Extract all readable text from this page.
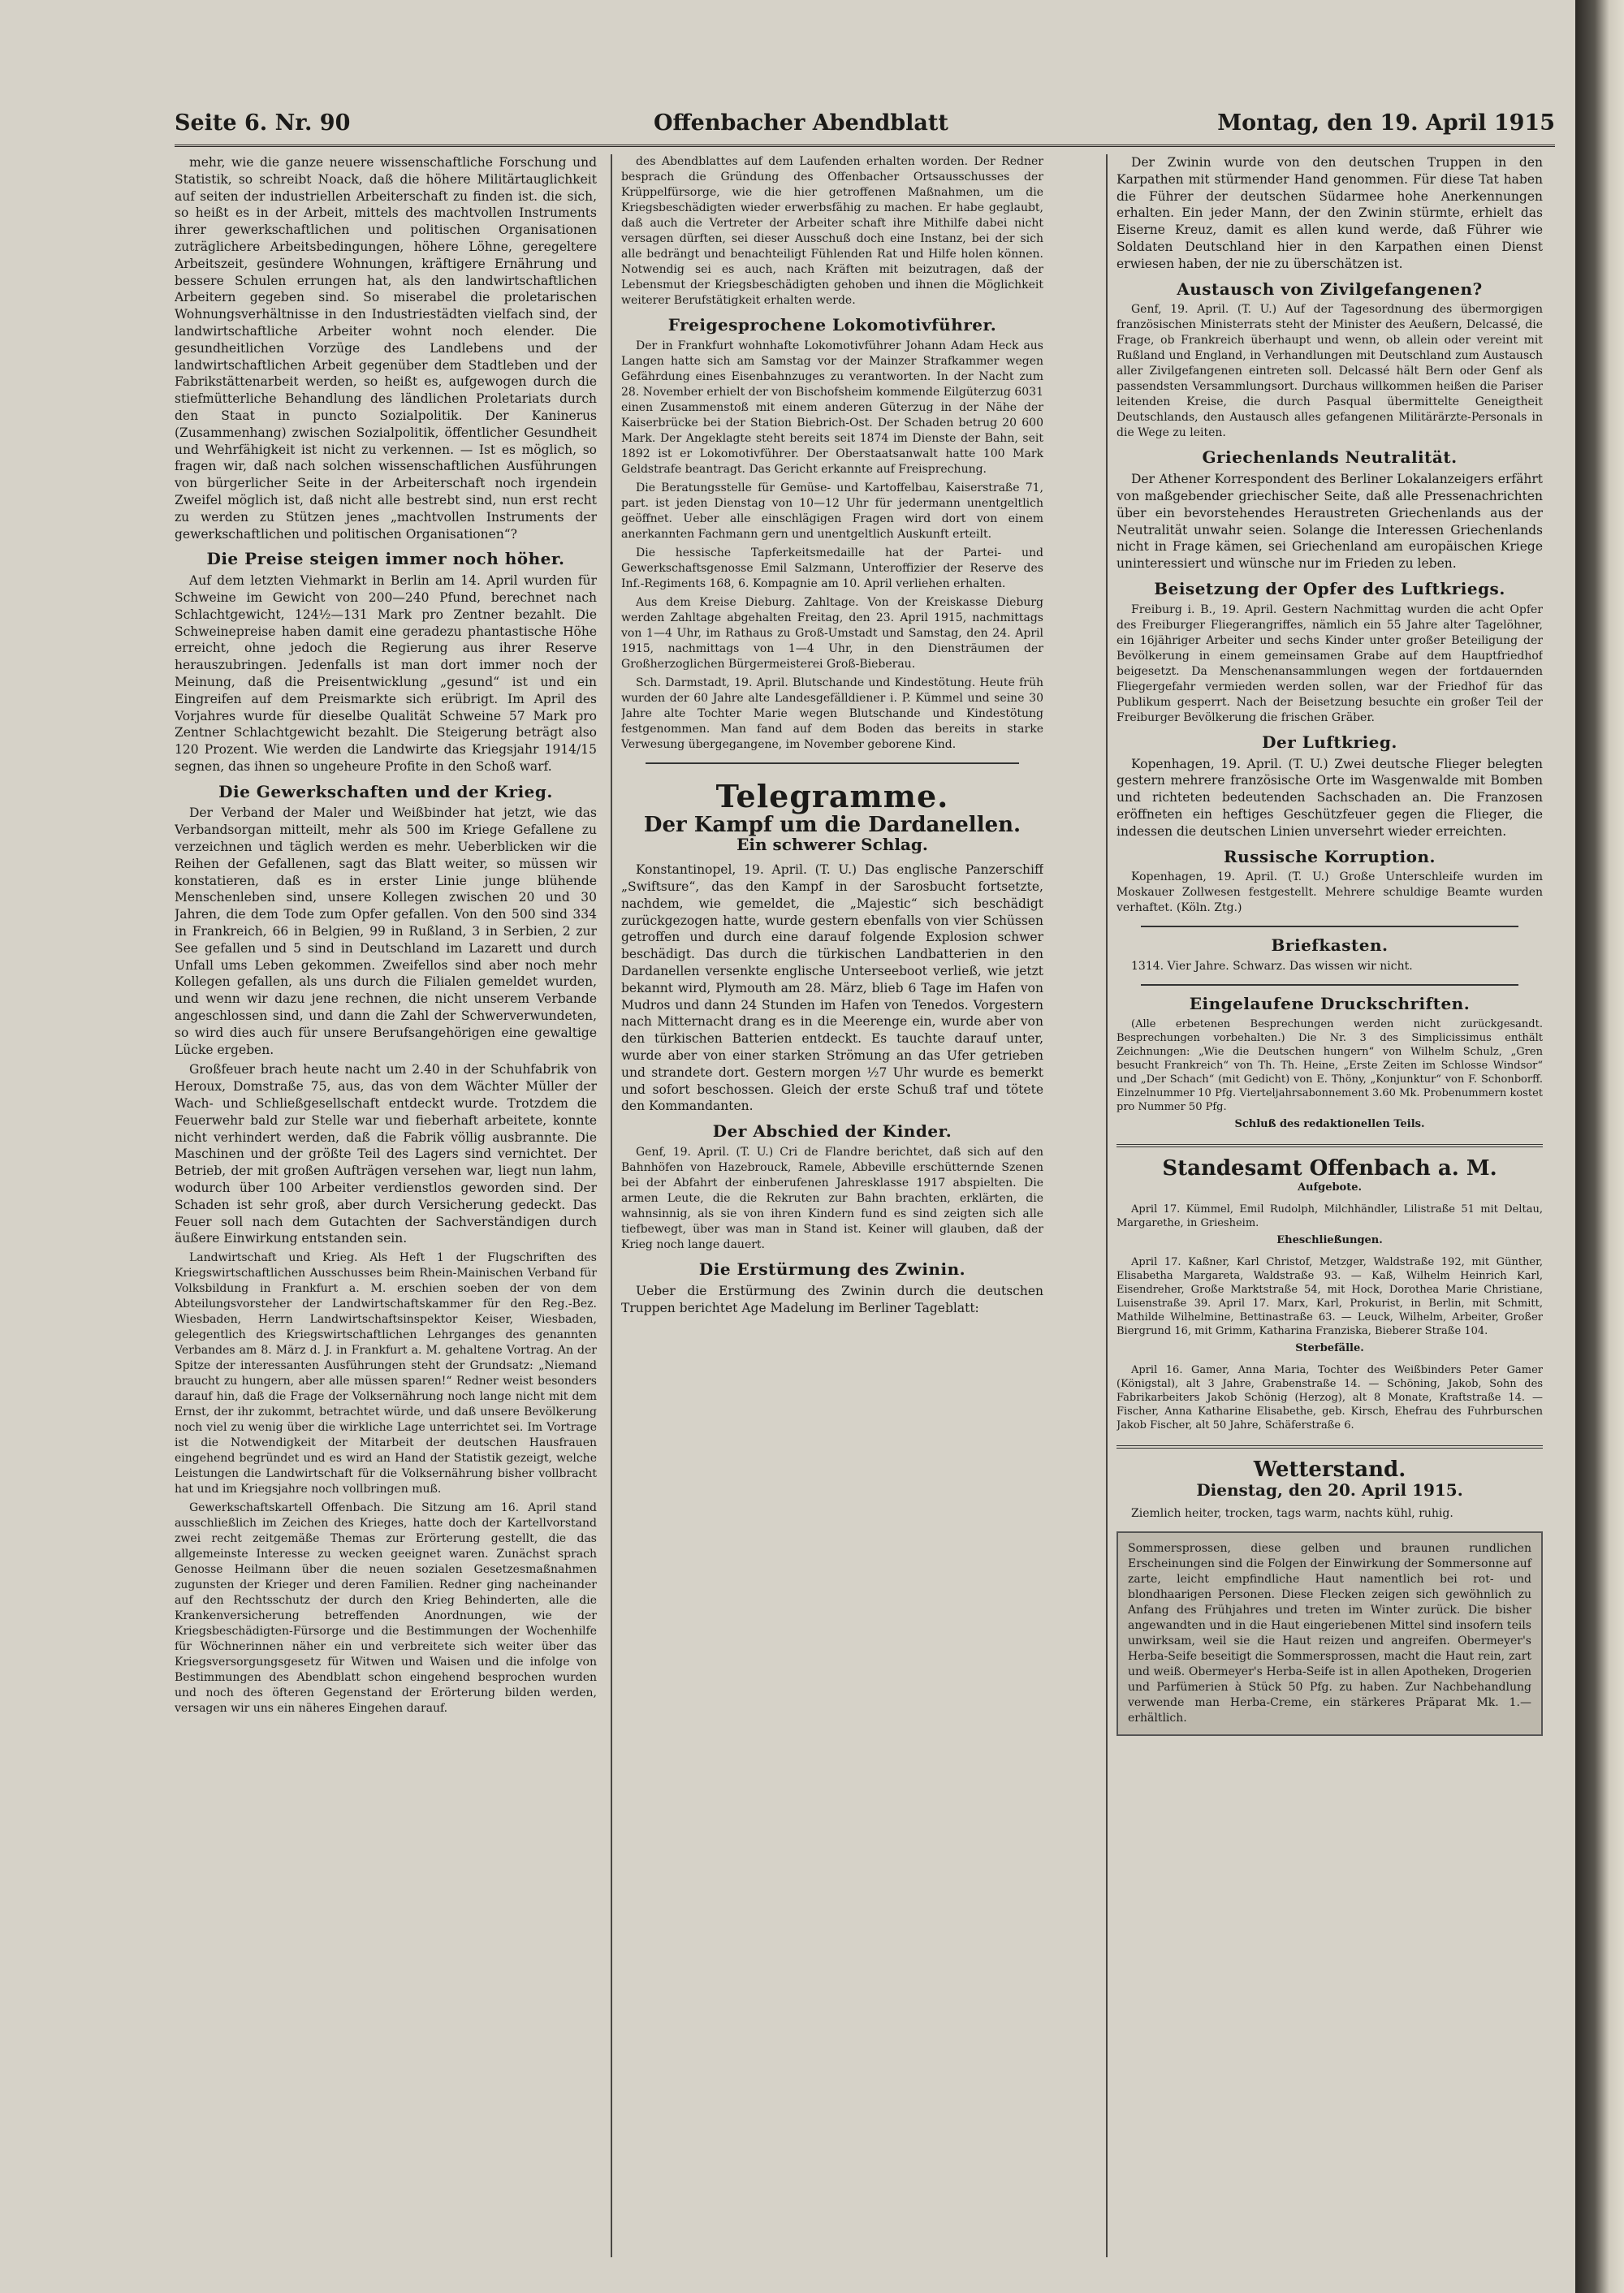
Seite 6. Nr. 90	Offenbacher Abendblatt	Montag, den 19. April 1915

mehr, wie die ganze neuere wissenschaftliche Forschung und Statistik, so schreibt Noack, daß die höhere Militärtauglichkeit auf seiten der industriellen Arbeiterschaft zu finden ist. die sich, so heißt es in der Arbeit, mittels des machtvollen Instruments ihrer gewerkschaftlichen und politischen Organisationen zuträglichere Arbeitsbedingungen, höhere Löhne, geregeltere Arbeitszeit, gesündere Wohnungen, kräftigere Ernährung und bessere Schulen errungen hat, als den landwirtschaftlichen Arbeitern gegeben sind. So miserabel die proletarischen Wohnungsverhältnisse in den Industriestädten vielfach sind, der landwirtschaftliche Arbeiter wohnt noch elender. Die gesundheitlichen Vorzüge des Landlebens und der landwirtschaftlichen Arbeit gegenüber dem Stadtleben und der Fabrikstättenarbeit werden, so heißt es, aufgewogen durch die stiefmütterliche Behandlung des ländlichen Proletariats durch den Staat in puncto Sozialpolitik. Der Kaninerus (Zusammenhang) zwischen Sozialpolitik, öffentlicher Gesundheit und Wehrfähigkeit ist nicht zu verkennen. — Ist es möglich, so fragen wir, daß nach solchen wissenschaftlichen Ausführungen von bürgerlicher Seite in der Arbeiterschaft noch irgendein Zweifel möglich ist, daß nicht alle bestrebt sind, nun erst recht zu werden zu Stützen jenes „machtvollen Instruments der gewerkschaftlichen und politischen Organisationen“?

Die Preise steigen immer noch höher.

Auf dem letzten Viehmarkt in Berlin am 14. April wurden für Schweine im Gewicht von 200—240 Pfund, berechnet nach Schlachtgewicht, 124½—131 Mark pro Zentner bezahlt. Die Schweinepreise haben damit eine geradezu phantastische Höhe erreicht, ohne jedoch die Regierung aus ihrer Reserve herauszubringen. Jedenfalls ist man dort immer noch der Meinung, daß die Preisentwicklung „gesund“ ist und ein Eingreifen auf dem Preismarkte sich erübrigt. Im April des Vorjahres wurde für dieselbe Qualität Schweine 57 Mark pro Zentner Schlachtgewicht bezahlt. Die Steigerung beträgt also 120 Prozent. Wie werden die Landwirte das Kriegsjahr 1914/15 segnen, das ihnen so ungeheure Profite in den Schoß warf.

Die Gewerkschaften und der Krieg.

Der Verband der Maler und Weißbinder hat jetzt, wie das Verbandsorgan mitteilt, mehr als 500 im Kriege Gefallene zu verzeichnen und täglich werden es mehr. Ueberblicken wir die Reihen der Gefallenen, sagt das Blatt weiter, so müssen wir konstatieren, daß es in erster Linie junge blühende Menschenleben sind, unsere Kollegen zwischen 20 und 30 Jahren, die dem Tode zum Opfer gefallen. Von den 500 sind 334 in Frankreich, 66 in Belgien, 99 in Rußland, 3 in Serbien, 2 zur See gefallen und 5 sind in Deutschland im Lazarett und durch Unfall ums Leben gekommen. Zweifellos sind aber noch mehr Kollegen gefallen, als uns durch die Filialen gemeldet wurden, und wenn wir dazu jene rechnen, die nicht unserem Verbande angeschlossen sind, und dann die Zahl der Schwerverwundeten, so wird dies auch für unsere Berufsangehörigen eine gewaltige Lücke ergeben.

Großfeuer brach heute nacht um 2.40 in der Schuhfabrik von Heroux, Domstraße 75, aus, das von dem Wächter Müller der Wach- und Schließgesellschaft entdeckt wurde. Trotzdem die Feuerwehr bald zur Stelle war und fieberhaft arbeitete, konnte nicht verhindert werden, daß die Fabrik völlig ausbrannte. Die Maschinen und der größte Teil des Lagers sind vernichtet. Der Betrieb, der mit großen Aufträgen versehen war, liegt nun lahm, wodurch über 100 Arbeiter verdienstlos geworden sind. Der Schaden ist sehr groß, aber durch Versicherung gedeckt. Das Feuer soll nach dem Gutachten der Sachverständigen durch äußere Einwirkung entstanden sein.

Landwirtschaft und Krieg. Als Heft 1 der Flugschriften des Kriegswirtschaftlichen Ausschusses beim Rhein-Mainischen Verband für Volksbildung in Frankfurt a. M. erschien soeben der von dem Abteilungsvorsteher der Landwirtschaftskammer für den Reg.-Bez. Wiesbaden, Herrn Landwirtschaftsinspektor Keiser, Wiesbaden, gelegentlich des Kriegswirtschaftlichen Lehrganges des genannten Verbandes am 8. März d. J. in Frankfurt a. M. gehaltene Vortrag. An der Spitze der interessanten Ausführungen steht der Grundsatz: „Niemand braucht zu hungern, aber alle müssen sparen!“ Redner weist besonders darauf hin, daß die Frage der Volksernährung noch lange nicht mit dem Ernst, der ihr zukommt, betrachtet würde, und daß unsere Bevölkerung noch viel zu wenig über die wirkliche Lage unterrichtet sei. Im Vortrage ist die Notwendigkeit der Mitarbeit der deutschen Hausfrauen eingehend begründet und es wird an Hand der Statistik gezeigt, welche Leistungen die Landwirtschaft für die Volksernährung bisher vollbracht hat und im Kriegsjahre noch vollbringen muß.

Gewerkschaftskartell Offenbach. Die Sitzung am 16. April stand ausschließlich im Zeichen des Krieges, hatte doch der Kartellvorstand zwei recht zeitgemäße Themas zur Erörterung gestellt, die das allgemeinste Interesse zu wecken geeignet waren. Zunächst sprach Genosse Heilmann über die neuen sozialen Gesetzesmaßnahmen zugunsten der Krieger und deren Familien. Redner ging nacheinander auf den Rechtsschutz der durch den Krieg Behinderten, alle die Krankenversicherung betreffenden Anordnungen, wie der Kriegsbeschädigten-Fürsorge und die Bestimmungen der Wochenhilfe für Wöchnerinnen näher ein und verbreitete sich weiter über das Kriegsversorgungsgesetz für Witwen und Waisen und die infolge von Bestimmungen des Abendblatt schon eingehend besprochen wurden und noch des öfteren Gegenstand der Erörterung bilden werden, versagen wir uns ein näheres Eingehen darauf.

des Abendblattes auf dem Laufenden erhalten worden. Der Redner besprach die Gründung des Offenbacher Ortsausschusses der Krüppelfürsorge, wie die hier getroffenen Maßnahmen, um die Kriegsbeschädigten wieder erwerbsfähig zu machen. Er habe geglaubt, daß auch die Vertreter der Arbeiter schaft ihre Mithilfe dabei nicht versagen dürften, sei dieser Ausschuß doch eine Instanz, bei der sich alle bedrängt und benachteiligt Fühlenden Rat und Hilfe holen können. Notwendig sei es auch, nach Kräften mit beizutragen, daß der Lebensmut der Kriegsbeschädigten gehoben und ihnen die Möglichkeit weiterer Berufstätigkeit erhalten werde.

Freigesprochene Lokomotivführer.

Der in Frankfurt wohnhafte Lokomotivführer Johann Adam Heck aus Langen hatte sich am Samstag vor der Mainzer Strafkammer wegen Gefährdung eines Eisenbahnzuges zu verantworten. In der Nacht zum 28. November erhielt der von Bischofsheim kommende Eilgüterzug 6031 einen Zusammenstoß mit einem anderen Güterzug in der Nähe der Kaiserbrücke bei der Station Biebrich-Ost. Der Schaden betrug 20 600 Mark. Der Angeklagte steht bereits seit 1874 im Dienste der Bahn, seit 1892 ist er Lokomotivführer. Der Oberstaatsanwalt hatte 100 Mark Geldstrafe beantragt. Das Gericht erkannte auf Freisprechung.

Die Beratungsstelle für Gemüse- und Kartoffelbau, Kaiserstraße 71, part. ist jeden Dienstag von 10—12 Uhr für jedermann unentgeltlich geöffnet. Ueber alle einschlägigen Fragen wird dort von einem anerkannten Fachmann gern und unentgeltlich Auskunft erteilt.

Die hessische Tapferkeitsmedaille hat der Partei- und Gewerkschaftsgenosse Emil Salzmann, Unteroffizier der Reserve des Inf.-Regiments 168, 6. Kompagnie am 10. April verliehen erhalten.

Aus dem Kreise Dieburg. Zahltage. Von der Kreiskasse Dieburg werden Zahltage abgehalten Freitag, den 23. April 1915, nachmittags von 1—4 Uhr, im Rathaus zu Groß-Umstadt und Samstag, den 24. April 1915, nachmittags von 1—4 Uhr, in den Diensträumen der Großherzoglichen Bürgermeisterei Groß-Bieberau.

Sch. Darmstadt, 19. April. Blutschande und Kindestötung. Heute früh wurden der 60 Jahre alte Landesgefälldiener i. P. Kümmel und seine 30 Jahre alte Tochter Marie wegen Blutschande und Kindestötung festgenommen. Man fand auf dem Boden das bereits in starke Verwesung übergegangene, im November geborene Kind.

Telegramme.
Der Kampf um die Dardanellen.
Ein schwerer Schlag.

Konstantinopel, 19. April. (T. U.) Das englische Panzerschiff „Swiftsure“, das den Kampf in der Sarosbucht fortsetzte, nachdem, wie gemeldet, die „Majestic“ sich beschädigt zurückgezogen hatte, wurde gestern ebenfalls von vier Schüssen getroffen und durch eine darauf folgende Explosion schwer beschädigt. Das durch die türkischen Landbatterien in den Dardanellen versenkte englische Unterseeboot verließ, wie jetzt bekannt wird, Plymouth am 28. März, blieb 6 Tage im Hafen von Mudros und dann 24 Stunden im Hafen von Tenedos. Vorgestern nach Mitternacht drang es in die Meerenge ein, wurde aber von den türkischen Batterien entdeckt. Es tauchte darauf unter, wurde aber von einer starken Strömung an das Ufer getrieben und strandete dort. Gestern morgen ½7 Uhr wurde es bemerkt und sofort beschossen. Gleich der erste Schuß traf und tötete den Kommandanten.

Der Abschied der Kinder.

Genf, 19. April. (T. U.) Cri de Flandre berichtet, daß sich auf den Bahnhöfen von Hazebrouck, Ramele, Abbeville erschütternde Szenen bei der Abfahrt der einberufenen Jahresklasse 1917 abspielten. Die armen Leute, die die Rekruten zur Bahn brachten, erklärten, die wahnsinnig, als sie von ihren Kindern fund es sind zeigten sich alle tiefbewegt, über was man in Stand ist. Keiner will glauben, daß der Krieg noch lange dauert.

Die Erstürmung des Zwinin.

Ueber die Erstürmung des Zwinin durch die deutschen Truppen berichtet Age Madelung im Berliner Tageblatt:

Der Zwinin wurde von den deutschen Truppen in den Karpathen mit stürmender Hand genommen. Für diese Tat haben die Führer der deutschen Südarmee hohe Anerkennungen erhalten. Ein jeder Mann, der den Zwinin stürmte, erhielt das Eiserne Kreuz, damit es allen kund werde, daß Führer wie Soldaten Deutschland hier in den Karpathen einen Dienst erwiesen haben, der nie zu überschätzen ist.

Austausch von Zivilgefangenen?

Genf, 19. April. (T. U.) Auf der Tagesordnung des übermorgigen französischen Ministerrats steht der Minister des Aeußern, Delcassé, die Frage, ob Frankreich überhaupt und wenn, ob allein oder vereint mit Rußland und England, in Verhandlungen mit Deutschland zum Austausch aller Zivilgefangenen eintreten soll. Delcassé hält Bern oder Genf als passendsten Versammlungsort. Durchaus willkommen heißen die Pariser leitenden Kreise, die durch Pasqual übermittelte Geneigtheit Deutschlands, den Austausch alles gefangenen Militärärzte-Personals in die Wege zu leiten.

Griechenlands Neutralität.

Der Athener Korrespondent des Berliner Lokalanzeigers erfährt von maßgebender griechischer Seite, daß alle Pressenachrichten über ein bevorstehendes Heraustreten Griechenlands aus der Neutralität unwahr seien. Solange die Interessen Griechenlands nicht in Frage kämen, sei Griechenland am europäischen Kriege uninteressiert und wünsche nur im Frieden zu leben.

Beisetzung der Opfer des Luftkriegs.

Freiburg i. B., 19. April. Gestern Nachmittag wurden die acht Opfer des Freiburger Fliegerangriffes, nämlich ein 55 Jahre alter Tagelöhner, ein 16jähriger Arbeiter und sechs Kinder unter großer Beteiligung der Bevölkerung in einem gemeinsamen Grabe auf dem Hauptfriedhof beigesetzt. Da Menschenansammlungen wegen der fortdauernden Fliegergefahr vermieden werden sollen, war der Friedhof für das Publikum gesperrt. Nach der Beisetzung besuchte ein großer Teil der Freiburger Bevölkerung die frischen Gräber.

Der Luftkrieg.

Kopenhagen, 19. April. (T. U.) Zwei deutsche Flieger belegten gestern mehrere französische Orte im Wasgenwalde mit Bomben und richteten bedeutenden Sachschaden an. Die Franzosen eröffneten ein heftiges Geschützfeuer gegen die Flieger, die indessen die deutschen Linien unversehrt wieder erreichten.

Russische Korruption.

Kopenhagen, 19. April. (T. U.) Große Unterschleife wurden im Moskauer Zollwesen festgestellt. Mehrere schuldige Beamte wurden verhaftet. (Köln. Ztg.)

Briefkasten.

1314. Vier Jahre. Schwarz. Das wissen wir nicht.

Eingelaufene Druckschriften.

(Alle erbetenen Besprechungen werden nicht zurückgesandt. Besprechungen vorbehalten.) Die Nr. 3 des Simplicissimus enthält Zeichnungen: „Wie die Deutschen hungern“ von Wilhelm Schulz, „Gren besucht Frankreich“ von Th. Th. Heine, „Erste Zeiten im Schlosse Windsor“ und „Der Schach“ (mit Gedicht) von E. Thöny, „Konjunktur“ von F. Schonborff. Einzelnummer 10 Pfg. Vierteljahrsabonnement 3.60 Mk. Probenummern kostet pro Nummer 50 Pfg.

Schluß des redaktionellen Teils.
Standesamt Offenbach a. M.
Aufgebote.

April 17. Kümmel, Emil Rudolph, Milchhändler, Lilistraße 51 mit Deltau, Margarethe, in Griesheim.

Eheschließungen.

April 17. Kaßner, Karl Christof, Metzger, Waldstraße 192, mit Günther, Elisabetha Margareta, Waldstraße 93. — Kaß, Wilhelm Heinrich Karl, Eisendreher, Große Marktstraße 54, mit Hock, Dorothea Marie Christiane, Luisenstraße 39. April 17. Marx, Karl, Prokurist, in Berlin, mit Schmitt, Mathilde Wilhelmine, Bettinastraße 63. — Leuck, Wilhelm, Arbeiter, Großer Biergrund 16, mit Grimm, Katharina Franziska, Bieberer Straße 104.

Sterbefälle.

April 16. Gamer, Anna Maria, Tochter des Weißbinders Peter Gamer (Königstal), alt 3 Jahre, Grabenstraße 14. — Schöning, Jakob, Sohn des Fabrikarbeiters Jakob Schönig (Herzog), alt 8 Monate, Kraftstraße 14. — Fischer, Anna Katharine Elisabethe, geb. Kirsch, Ehefrau des Fuhrburschen Jakob Fischer, alt 50 Jahre, Schäferstraße 6.

Wetterstand.
Dienstag, den 20. April 1915.

Ziemlich heiter, trocken, tags warm, nachts kühl, ruhig.

Sommersprossen, diese gelben und braunen rundlichen Erscheinungen sind die Folgen der Einwirkung der Sommersonne auf zarte, leicht empfindliche Haut namentlich bei rot- und blondhaarigen Personen. Diese Flecken zeigen sich gewöhnlich zu Anfang des Frühjahres und treten im Winter zurück. Die bisher angewandten und in die Haut eingeriebenen Mittel sind insofern teils unwirksam, weil sie die Haut reizen und angreifen. Obermeyer's Herba-Seife beseitigt die Sommersprossen, macht die Haut rein, zart und weiß. Obermeyer's Herba-Seife ist in allen Apotheken, Drogerien und Parfümerien à Stück 50 Pfg. zu haben. Zur Nachbehandlung verwende man Herba-Creme, ein stärkeres Präparat Mk. 1.— erhältlich.
